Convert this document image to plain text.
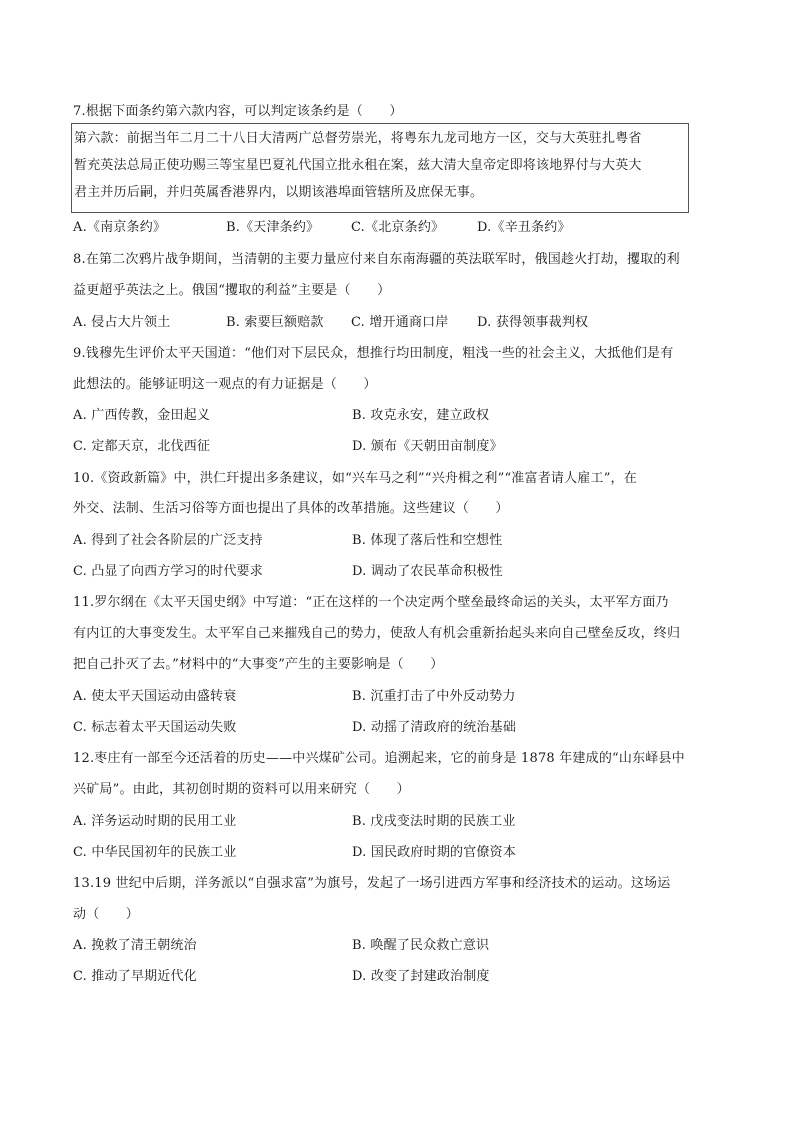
7.根据下面条约第六款内容，可以判定该条约是（　　）
第六款：前据当年二月二十八日大清两广总督劳崇光，将粤东九龙司地方一区，交与大英驻扎粤省
暂充英法总局正使功赐三等宝星巴夏礼代国立批永租在案，兹大清大皇帝定即将该地界付与大英大
君主并历后嗣，并归英属香港界内，以期该港埠面管辖所及庶保无事。
A.《南京条约》	B.《天津条约》 C.《北京条约》	D.《辛丑条约》
8.在第二次鸦片战争期间，当清朝的主要力量应付来自东南海疆的英法联军时，俄国趁火打劫，攫取的利
益更超乎英法之上。俄国“攫取的利益”主要是（　　）
A. 侵占大片领土	B. 索要巨额赔款 C. 增开通商口岸 D. 获得领事裁判权
9.钱穆先生评价太平天国道：“他们对下层民众，想推行均田制度，粗浅一些的社会主义，大抵他们是有
此想法的。能够证明这一观点的有力证据是（　　）
A. 广西传教，金田起义	B. 攻克永安，建立政权
C. 定都天京，北伐西征	D. 颁布《天朝田亩制度》
10.《资政新篇》中，洪仁玕提出多条建议，如“兴车马之利”“兴舟楫之利”“准富者请人雇工”，在
外交、法制、生活习俗等方面也提出了具体的改革措施。这些建议（　　）
A. 得到了社会各阶层的广泛支持	B. 体现了落后性和空想性
C. 凸显了向西方学习的时代要求	D. 调动了农民革命积极性
11.罗尔纲在《太平天国史纲》中写道：“正在这样的一个决定两个壁垒最终命运的关头，太平军方面乃
有内讧的大事变发生。太平军自己来摧残自己的势力，使敌人有机会重新抬起头来向自己壁垒反攻，终归
把自己扑灭了去。”材料中的“大事变”产生的主要影响是（　　）
A. 使太平天国运动由盛转衰	B. 沉重打击了中外反动势力
C. 标志着太平天国运动失败	D. 动摇了清政府的统治基础
12.枣庄有一部至今还活着的历史——中兴煤矿公司。追溯起来，它的前身是 1878 年建成的“山东峄县中
兴矿局”。由此，其初创时期的资料可以用来研究（　　）
A. 洋务运动时期的民用工业	B. 戊戌变法时期的民族工业
C. 中华民国初年的民族工业	D. 国民政府时期的官僚资本
13.19 世纪中后期，洋务派以“自强求富”为旗号，发起了一场引进西方军事和经济技术的运动。这场运
动（　　）
A. 挽救了清王朝统治	B. 唤醒了民众救亡意识
C. 推动了早期近代化	D. 改变了封建政治制度
